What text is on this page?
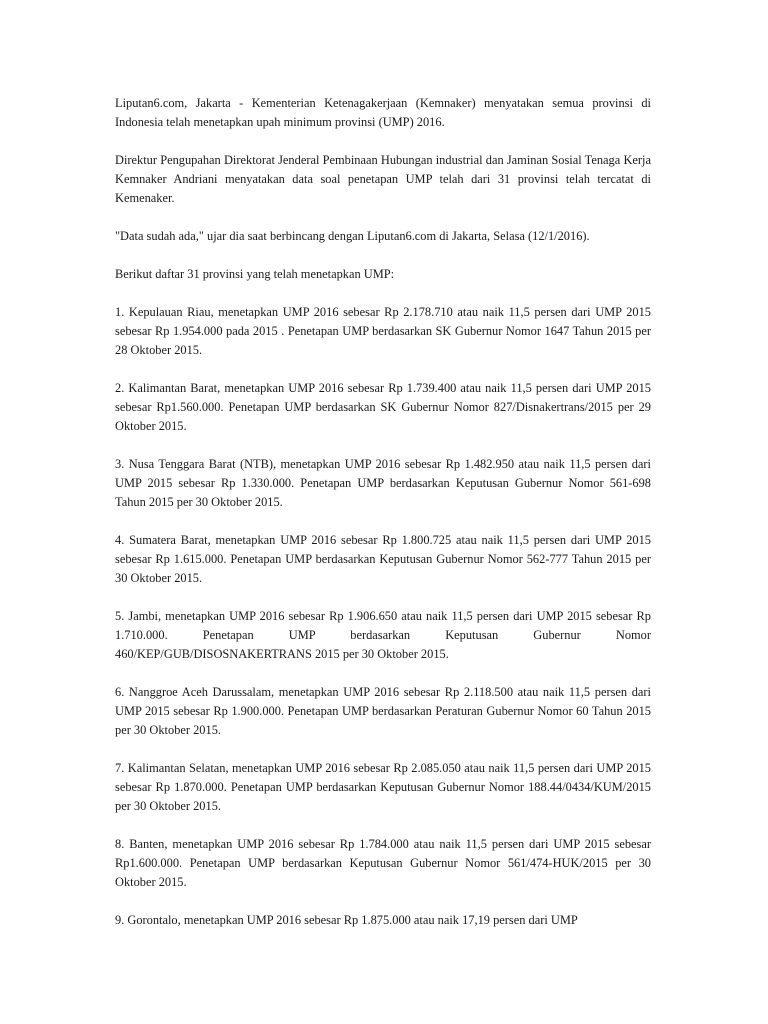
Liputan6.com, Jakarta - Kementerian Ketenagakerjaan (Kemnaker) menyatakan semua provinsi di Indonesia telah menetapkan upah minimum provinsi (UMP) 2016.

Direktur Pengupahan Direktorat Jenderal Pembinaan Hubungan industrial dan Jaminan Sosial Tenaga Kerja Kemnaker Andriani menyatakan data soal penetapan UMP telah dari 31 provinsi telah tercatat di Kemenaker.

"Data sudah ada," ujar dia saat berbincang dengan Liputan6.com di Jakarta, Selasa (12/1/2016).

Berikut daftar 31 provinsi yang telah menetapkan UMP:

1. Kepulauan Riau, menetapkan UMP 2016 sebesar Rp 2.178.710 atau naik 11,5 persen dari UMP 2015 sebesar Rp 1.954.000 pada 2015 . Penetapan UMP berdasarkan SK Gubernur Nomor 1647 Tahun 2015 per 28 Oktober 2015.

2. Kalimantan Barat, menetapkan UMP 2016 sebesar Rp 1.739.400 atau naik 11,5 persen dari UMP 2015 sebesar Rp1.560.000. Penetapan UMP berdasarkan SK Gubernur Nomor 827/Disnakertrans/2015 per 29 Oktober 2015.

3. Nusa Tenggara Barat (NTB), menetapkan UMP 2016 sebesar Rp 1.482.950 atau naik 11,5 persen dari UMP 2015 sebesar Rp 1.330.000. Penetapan UMP berdasarkan Keputusan Gubernur Nomor 561-698 Tahun 2015 per 30 Oktober 2015.

4. Sumatera Barat, menetapkan UMP 2016 sebesar Rp 1.800.725 atau naik 11,5 persen dari UMP 2015 sebesar Rp 1.615.000. Penetapan UMP berdasarkan Keputusan Gubernur Nomor 562-777 Tahun 2015 per 30 Oktober 2015.

5. Jambi, menetapkan UMP 2016 sebesar Rp 1.906.650 atau naik 11,5 persen dari UMP 2015 sebesar Rp 1.710.000. Penetapan UMP berdasarkan Keputusan Gubernur Nomor 460/KEP/GUB/DISOSNAKERTRANS 2015 per 30 Oktober 2015.

6. Nanggroe Aceh Darussalam, menetapkan UMP 2016 sebesar Rp 2.118.500 atau naik 11,5 persen dari UMP 2015 sebesar Rp 1.900.000. Penetapan UMP berdasarkan Peraturan Gubernur Nomor 60 Tahun 2015 per 30 Oktober 2015.

7. Kalimantan Selatan, menetapkan UMP 2016 sebesar Rp 2.085.050 atau naik 11,5 persen dari UMP 2015 sebesar Rp 1.870.000. Penetapan UMP berdasarkan Keputusan Gubernur Nomor 188.44/0434/KUM/2015 per 30 Oktober 2015.

8. Banten, menetapkan UMP 2016 sebesar Rp 1.784.000 atau naik 11,5 persen dari UMP 2015 sebesar Rp1.600.000. Penetapan UMP berdasarkan Keputusan Gubernur Nomor 561/474-HUK/2015 per 30 Oktober 2015.

9. Gorontalo, menetapkan UMP 2016 sebesar Rp 1.875.000 atau naik 17,19 persen dari UMP
